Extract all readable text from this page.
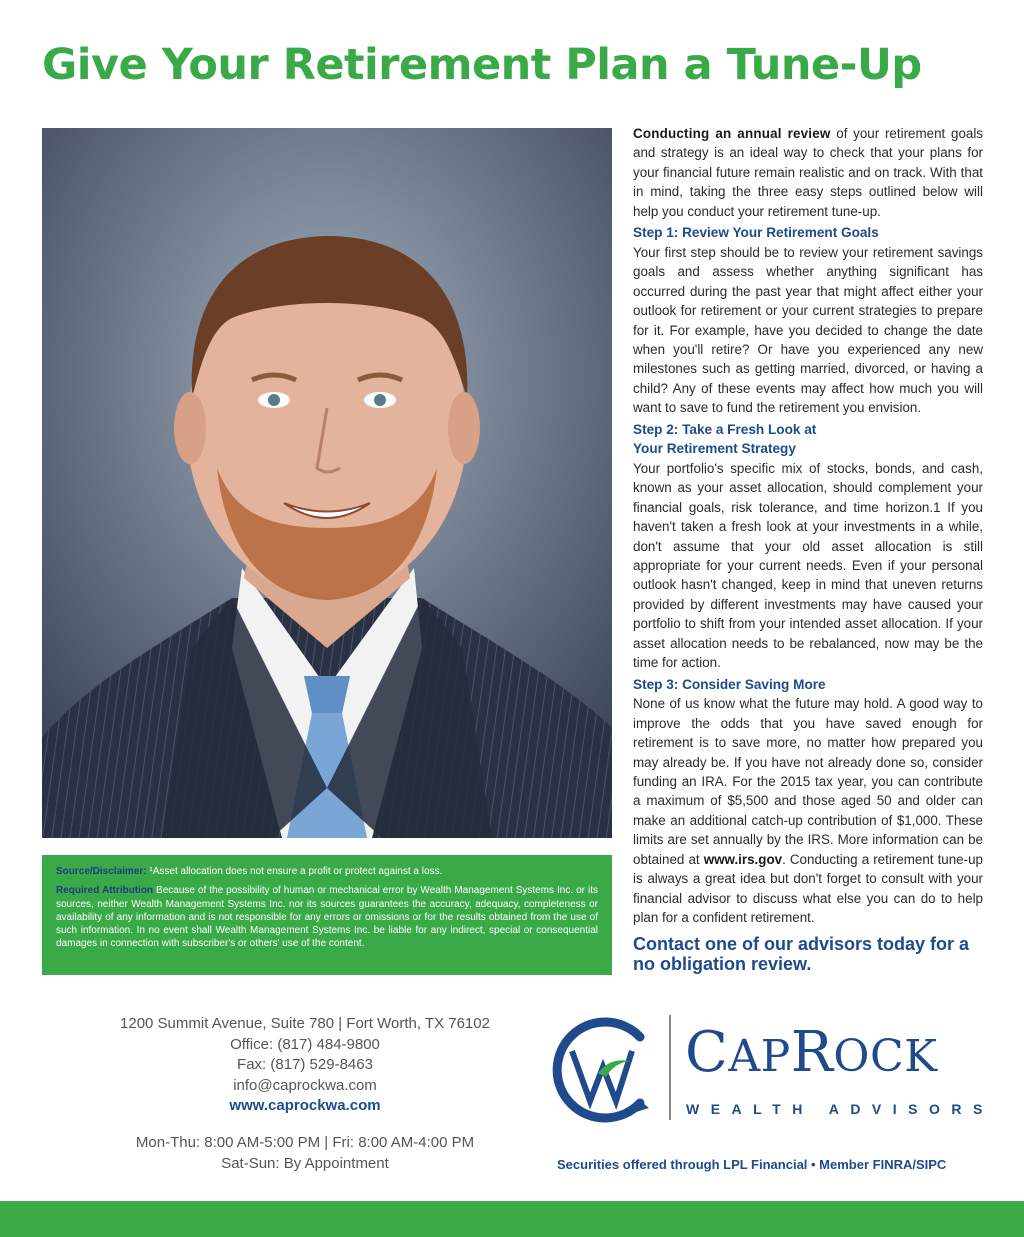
Give Your Retirement Plan a Tune-Up

Source/Disclaimer: ¹Asset allocation does not ensure a profit or protect against a loss.

Required Attribution Because of the possibility of human or mechanical error by Wealth Management Systems Inc. or its sources, neither Wealth Management Systems Inc. nor its sources guarantees the accuracy, adequacy, completeness or availability of any information and is not responsible for any errors or omissions or for the results obtained from the use of such information. In no event shall Wealth Management Systems Inc. be liable for any indirect, special or consequential damages in connection with subscriber's or others' use of the content.

Conducting an annual review of your retirement goals and strategy is an ideal way to check that your plans for your financial future remain realistic and on track. With that in mind, taking the three easy steps outlined below will help you conduct your retirement tune-up.

Step 1: Review Your Retirement Goals

Your first step should be to review your retirement savings goals and assess whether anything significant has occurred during the past year that might affect either your outlook for retirement or your current strategies to prepare for it. For example, have you decided to change the date when you'll retire? Or have you experienced any new milestones such as getting married, divorced, or having a child? Any of these events may affect how much you will want to save to fund the retirement you envision.

Step 2: Take a Fresh Look at
Your Retirement Strategy

Your portfolio's specific mix of stocks, bonds, and cash, known as your asset allocation, should complement your financial goals, risk tolerance, and time horizon.1 If you haven't taken a fresh look at your investments in a while, don't assume that your old asset allocation is still appropriate for your current needs. Even if your personal outlook hasn't changed, keep in mind that uneven returns provided by different investments may have caused your portfolio to shift from your intended asset allocation. If your asset allocation needs to be rebalanced, now may be the time for action.

Step 3: Consider Saving More

None of us know what the future may hold. A good way to improve the odds that you have saved enough for retirement is to save more, no matter how prepared you may already be. If you have not already done so, consider funding an IRA. For the 2015 tax year, you can contribute a maximum of $5,500 and those aged 50 and older can make an additional catch-up contribution of $1,000. These limits are set annually by the IRS. More information can be obtained at www.irs.gov. Conducting a retirement tune-up is always a great idea but don't forget to consult with your financial advisor to discuss what else you can do to help plan for a confident retirement.

Contact one of our advisors today for a no obligation review.

1200 Summit Avenue, Suite 780 | Fort Worth, TX 76102
Office: (817) 484-9800
Fax: (817) 529-8463
info@caprockwa.com
www.caprockwa.com
Mon-Thu: 8:00 AM-5:00 PM | Fri: 8:00 AM-4:00 PM
Sat-Sun: By Appointment
CAPROCK
WEALTH ADVISORS
Securities offered through LPL Financial • Member FINRA/SIPC
